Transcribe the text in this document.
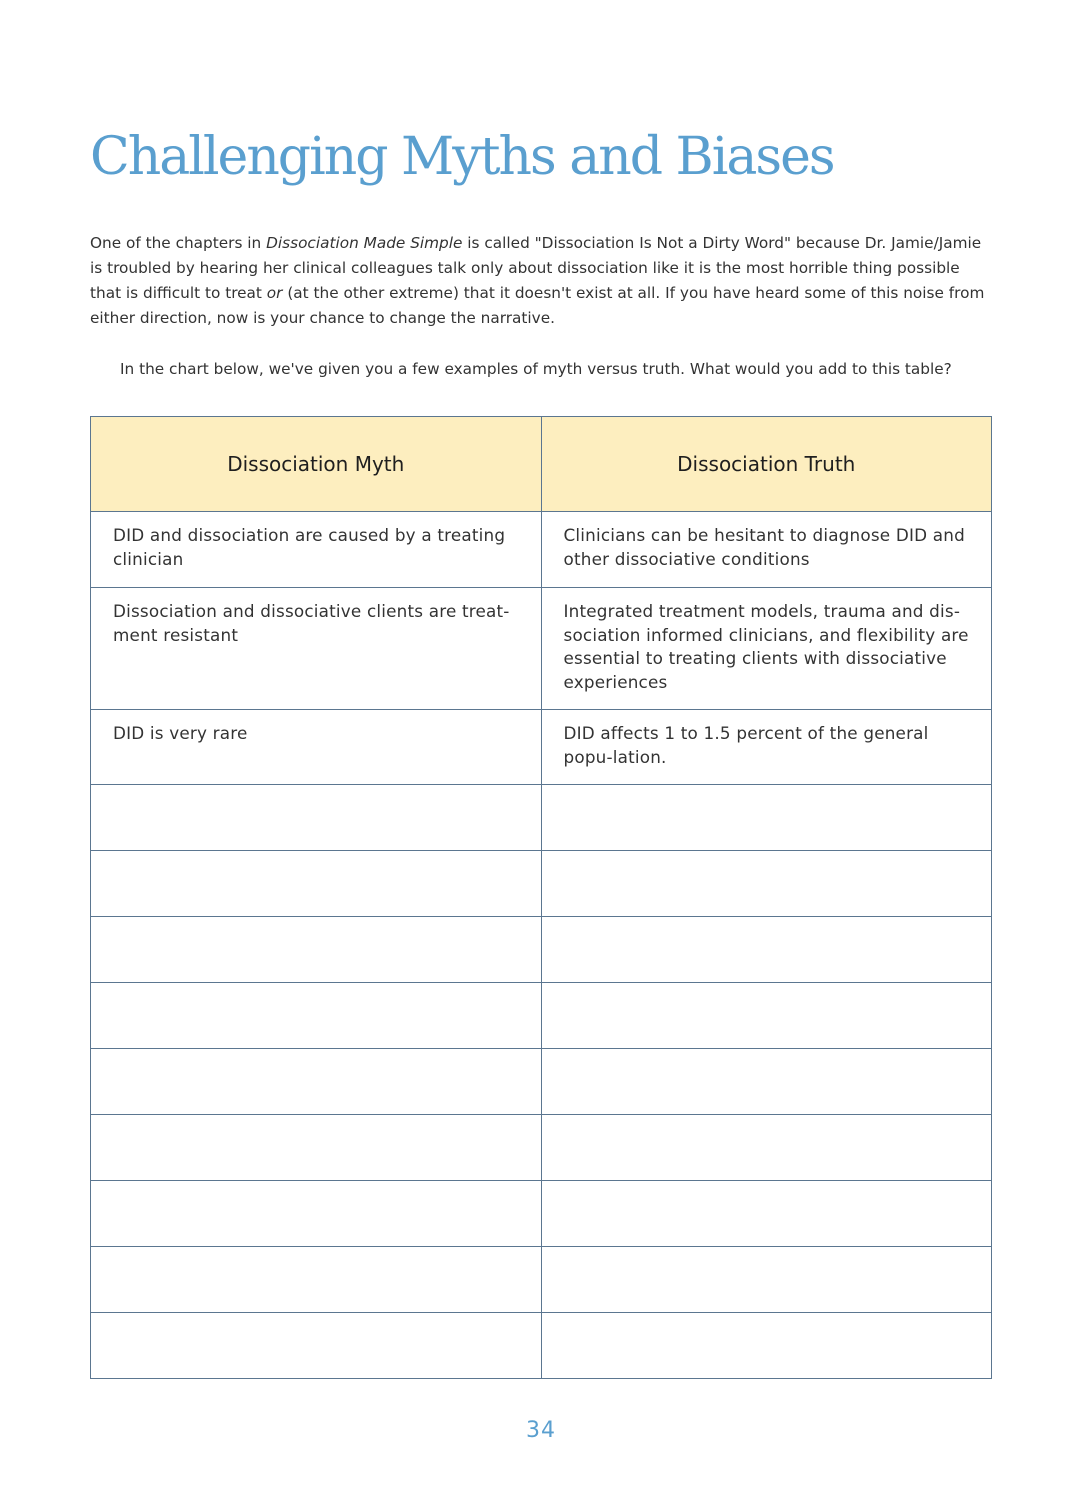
Challenging Myths and Biases

One of the chapters in Dissociation Made Simple is called "Dissociation Is Not a Dirty Word" because Dr. Jamie/Jamie is troubled by hearing her clinical colleagues talk only about dissociation like it is the most horrible thing possible that is difficult to treat or (at the other extreme) that it doesn't exist at all. If you have heard some of this noise from either direction, now is your chance to change the narrative.

In the chart below, we've given you a few examples of myth versus truth. What would you add to this table?

Dissociation Myth	Dissociation Truth
DID and dissociation are caused by a treating clinician	Clinicians can be hesitant to diagnose DID and other dissociative conditions
Dissociation and dissociative clients are treat-ment resistant	Integrated treatment models, trauma and dis-sociation informed clinicians, and flexibility are essential to treating clients with dissociative experiences
DID is very rare	DID affects 1 to 1.5 percent of the general popu-lation.

34
